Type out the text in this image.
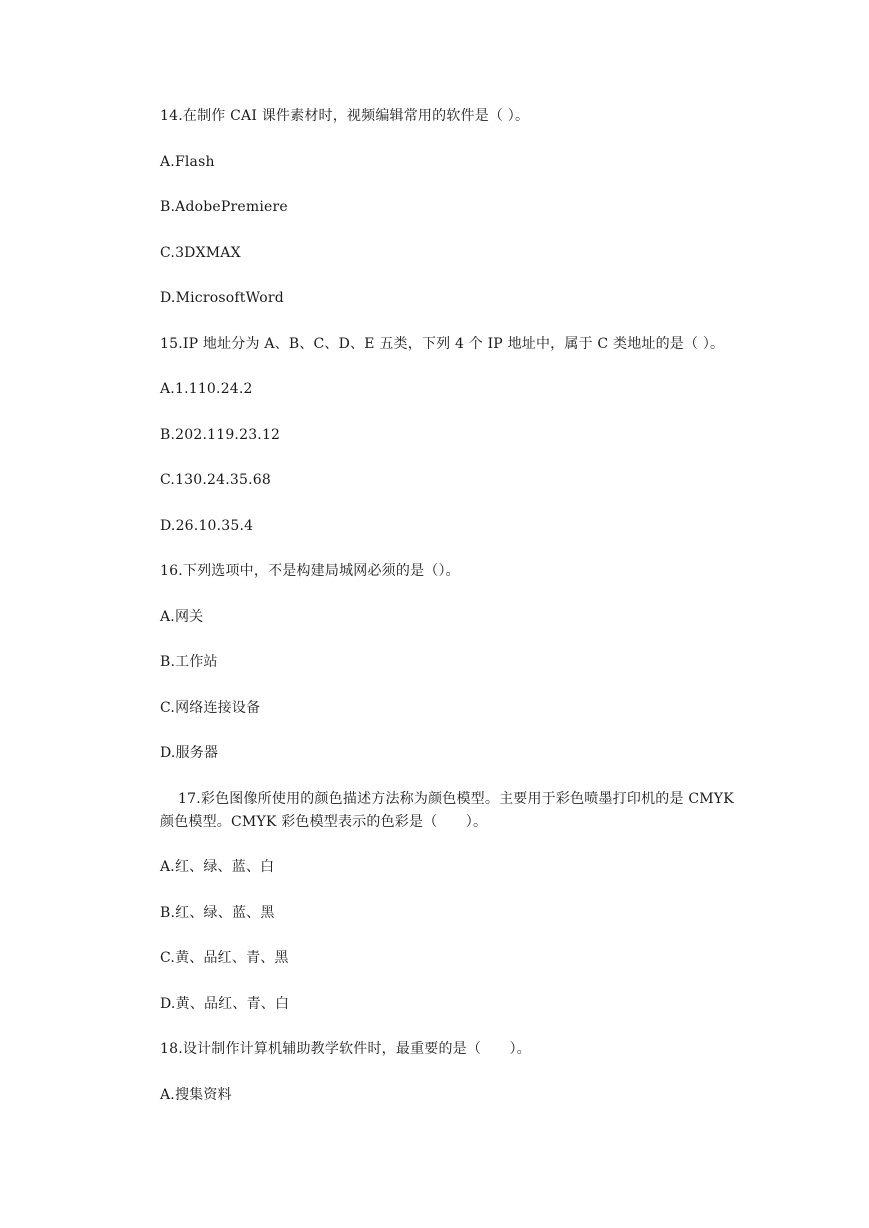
14.在制作 CAI 课件素材时，视频编辑常用的软件是（ ）。
A.Flash
B.AdobePremiere
C.3DXMAX
D.MicrosoftWord
15.IP 地址分为 A、B、C、D、E 五类，下列 4 个 IP 地址中，属于 C 类地址的是（ ）。
A.1.110.24.2
B.202.119.23.12
C.130.24.35.68
D.26.10.35.4
16.下列选项中，不是构建局城网必须的是（）。
A.网关
B.工作站
C.网络连接设备
D.服务器
17.彩色图像所使用的颜色描述方法称为颜色模型。主要用于彩色喷墨打印机的是 CMYK
颜色模型。CMYK 彩色模型表示的色彩是（　　）。
A.红、绿、蓝、白
B.红、绿、蓝、黑
C.黄、品红、青、黑
D.黄、品红、青、白
18.设计制作计算机辅助教学软件时，最重要的是（　　）。
A.搜集资料
